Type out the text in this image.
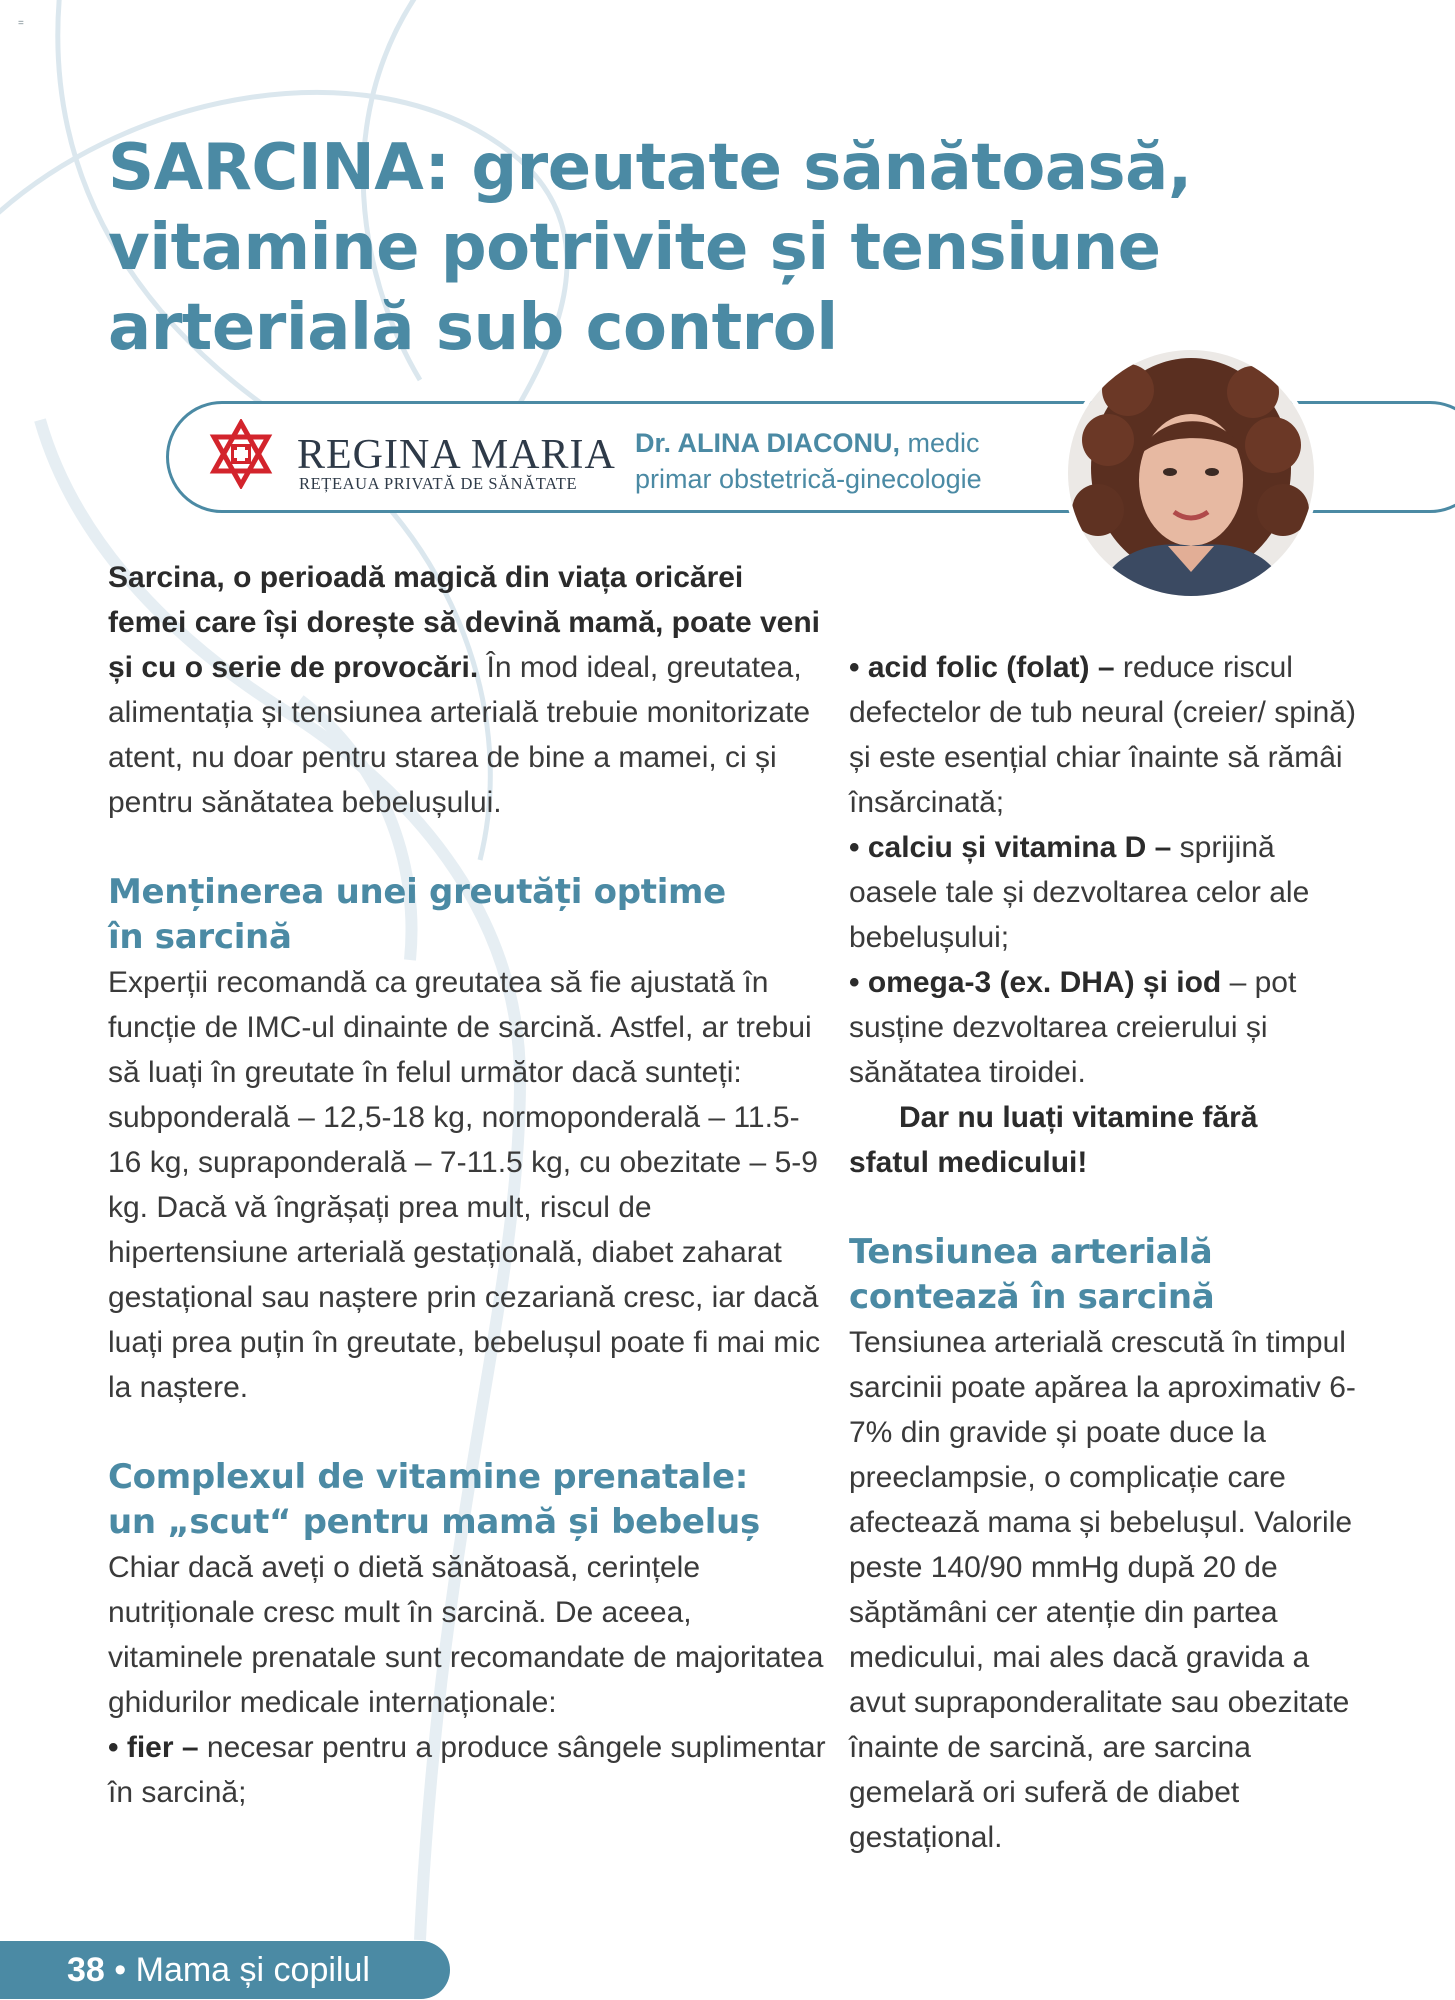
=
SARCINA: greutate sănătoasă,
vitamine potrivite și tensiune
arterială sub control
REGINA MARIA
REȚEAUA PRIVATĂ DE SĂNĂTATE
Dr. ALINA DIACONU, medic
primar obstetrică-ginecologie

Sarcina, o perioadă magică din viața oricărei femei care își dorește să devină mamă, poate veni și cu o serie de provocări. În mod ideal, greutatea, alimentația și tensiunea arterială trebuie monitorizate atent, nu doar pentru starea de bine a mamei, ci și pentru sănătatea bebelușului.

Menținerea unei greutăți optime
în sarcină

Experții recomandă ca greutatea să fie ajustată în funcție de IMC-ul dinainte de sarcină. Astfel, ar trebui să luați în greutate în felul următor dacă sunteți: subponderală – 12,5-18 kg, normoponderală – 11.5-16 kg, supraponderală – 7-11.5 kg, cu obezitate – 5-9 kg. Dacă vă îngrășați prea mult, riscul de hipertensiune arterială gestațională, diabet zaharat gestațional sau naștere prin cezariană cresc, iar dacă luați prea puțin în greutate, bebelușul poate fi mai mic la naștere.

Complexul de vitamine prenatale:
un „scut“ pentru mamă și bebeluș

Chiar dacă aveți o dietă sănătoasă, cerințele nutriționale cresc mult în sarcină. De aceea, vitaminele prenatale sunt recomandate de majoritatea ghidurilor medicale internaționale:

• fier – necesar pentru a produce sângele suplimentar în sarcină;

• acid folic (folat) – reduce riscul defectelor de tub neural (creier/ spină) și este esențial chiar înainte să rămâi însărcinată;

• calciu și vitamina D – sprijină oasele tale și dezvoltarea celor ale bebelușului;

• omega-3 (ex. DHA) și iod – pot susține dezvoltarea creierului și sănătatea tiroidei.

Dar nu luați vitamine fără
sfatul medicului!

Tensiunea arterială
contează în sarcină

Tensiunea arterială crescută în timpul sarcinii poate apărea la aproximativ 6-7% din gravide și poate duce la preeclampsie, o complicație care afectează mama și bebelușul. Valorile peste 140/90 mmHg după 20 de săptămâni cer atenție din partea medicului, mai ales dacă gravida a avut supraponderalitate sau obezitate înainte de sarcină, are sarcina gemelară ori suferă de diabet gestațional.

38 • Mama și copilul
